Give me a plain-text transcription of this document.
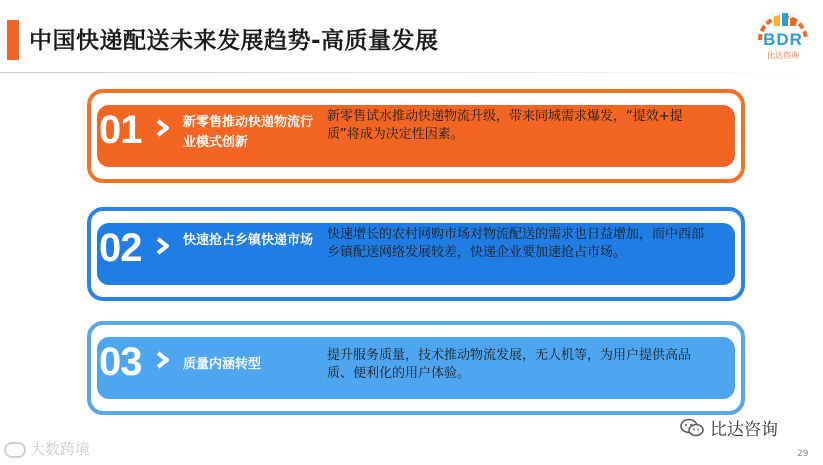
中国快递配送未来发展趋势-高质量发展	BDR
比达咨询
01	新零售推动快递物流行业模式创新
新零售试水推动快递物流升级，带来同城需求爆发，“提效+提质”将成为决定性因素。
02	快速抢占乡镇快递市场 快速增长的农村网购市场对物流配送的需求也日益增加，而中西部乡镇配送网络发展较差，快递企业要加速抢占市场。
03	质量内涵转型
提升服务质量，技术推动物流发展，无人机等，为用户提供高品质、便利化的用户体验。
大数跨境
比达咨询
29
